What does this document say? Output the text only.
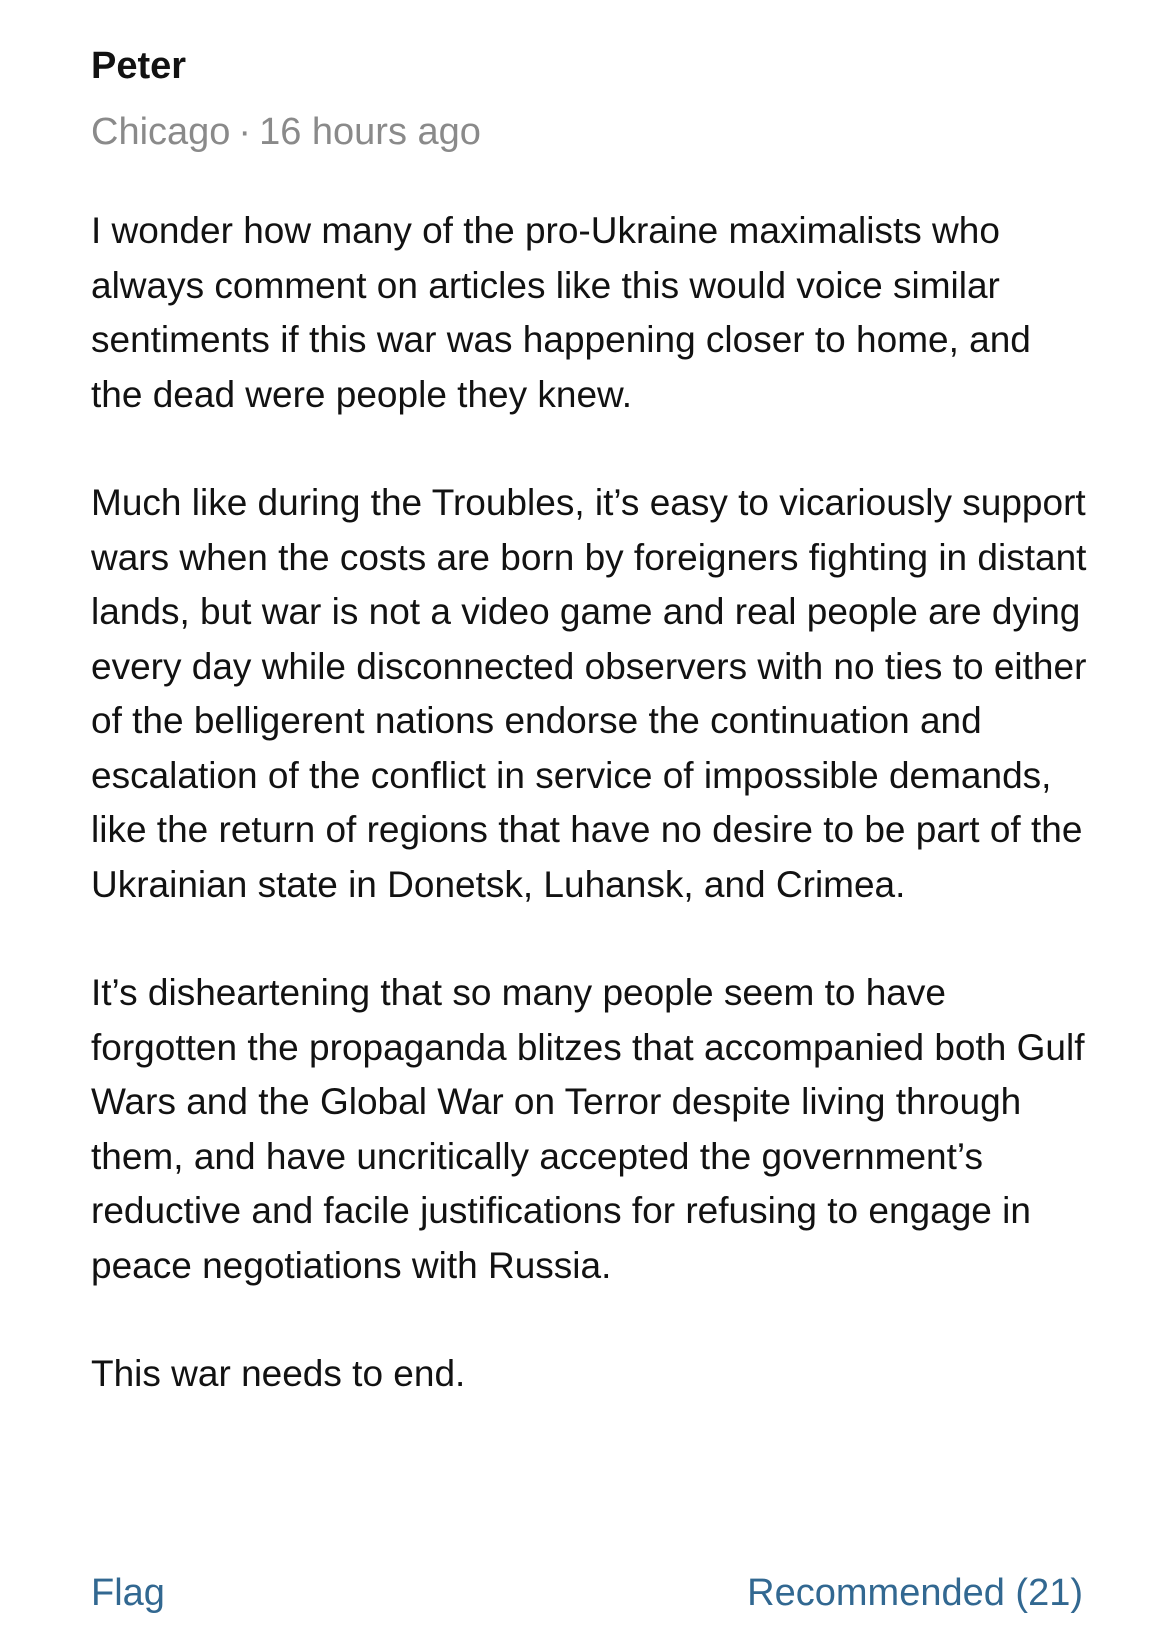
Peter
Chicago · 16 hours ago

I wonder how many of the pro-Ukraine maximalists who always comment on articles like this would voice similar sentiments if this war was happening closer to home, and the dead were people they knew.

Much like during the Troubles, it’s easy to vicariously support wars when the costs are born by foreigners fighting in distant lands, but war is not a video game and real people are dying every day while disconnected observers with no ties to either of the belligerent nations endorse the continuation and escalation of the conflict in service of impossible demands, like the return of regions that have no desire to be part of the Ukrainian state in Donetsk, Luhansk, and Crimea.

It’s disheartening that so many people seem to have forgotten the propaganda blitzes that accompanied both Gulf Wars and the Global War on Terror despite living through them, and have uncritically accepted the government’s reductive and facile justifications for refusing to engage in peace negotiations with Russia.

This war needs to end.

Flag	Recommended (21)
